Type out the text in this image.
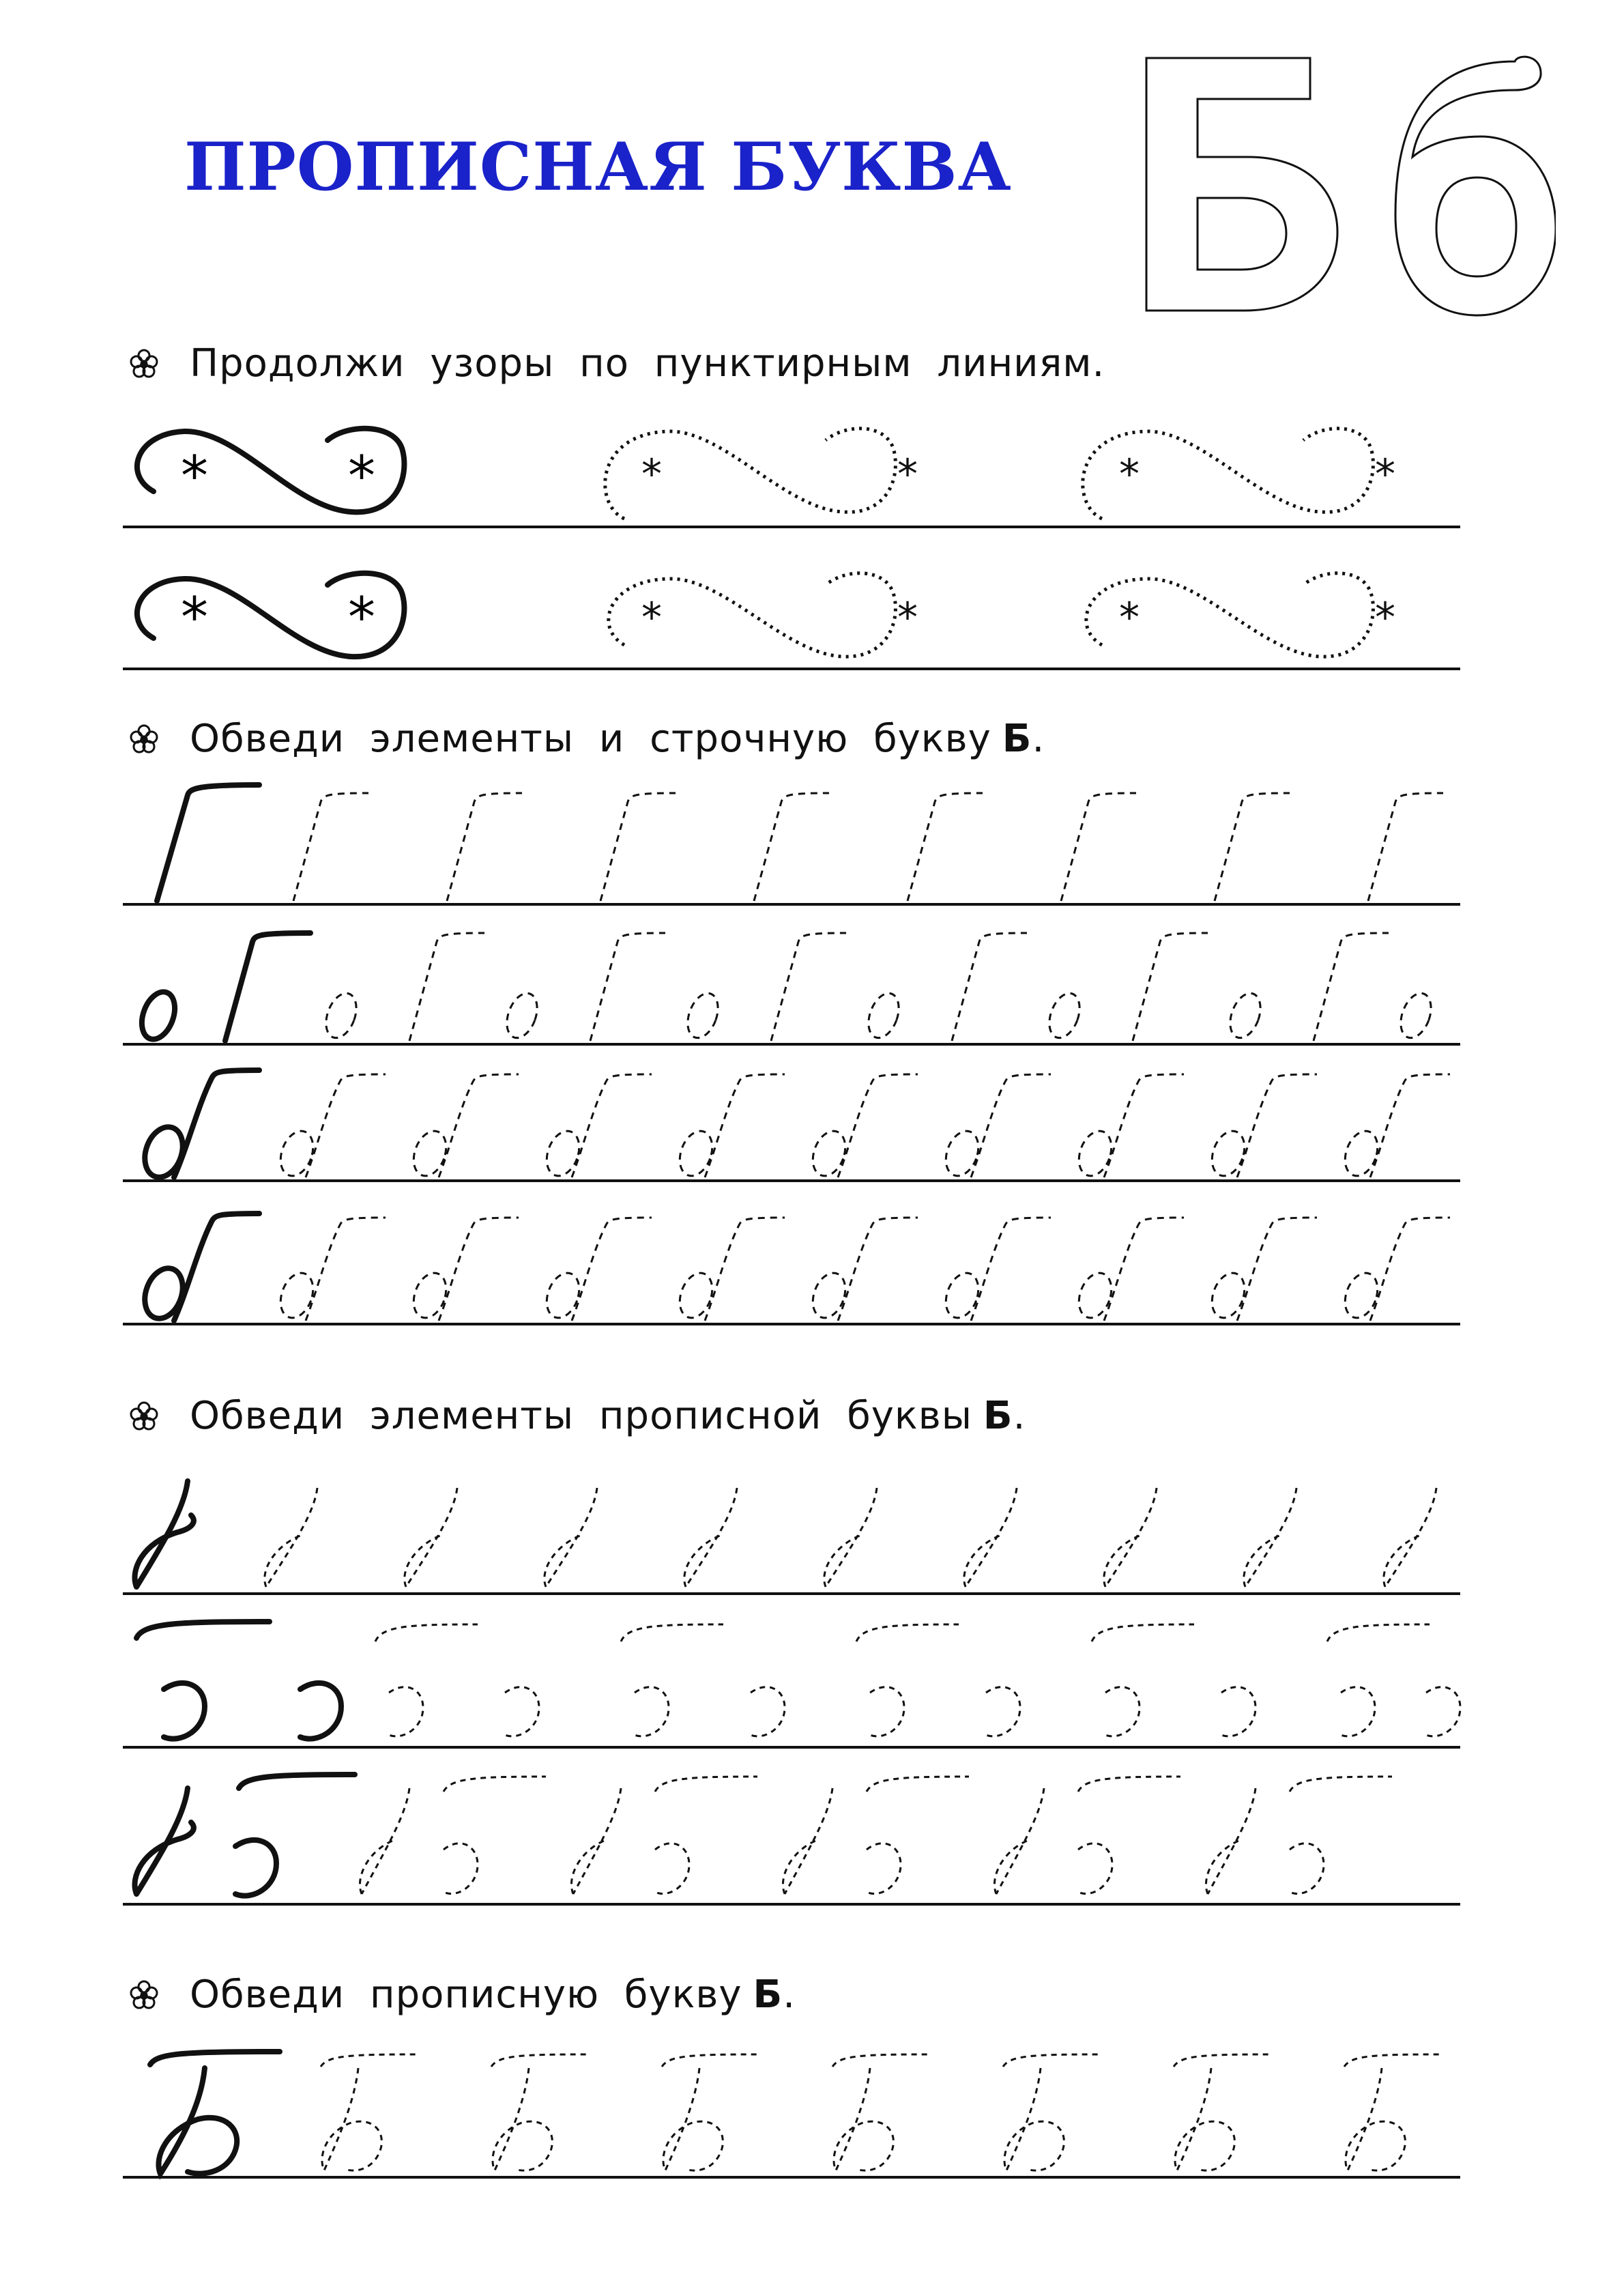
ПРОПИСНАЯ БУКВА
Продолжи узоры по пунктирным линиям.
*	*	*	*	*	*
*	*	*	*	*	*
Обведи элементы и строчную букву Б .
Обведи элементы прописной буквы Б .
Обведи прописную букву Б .
